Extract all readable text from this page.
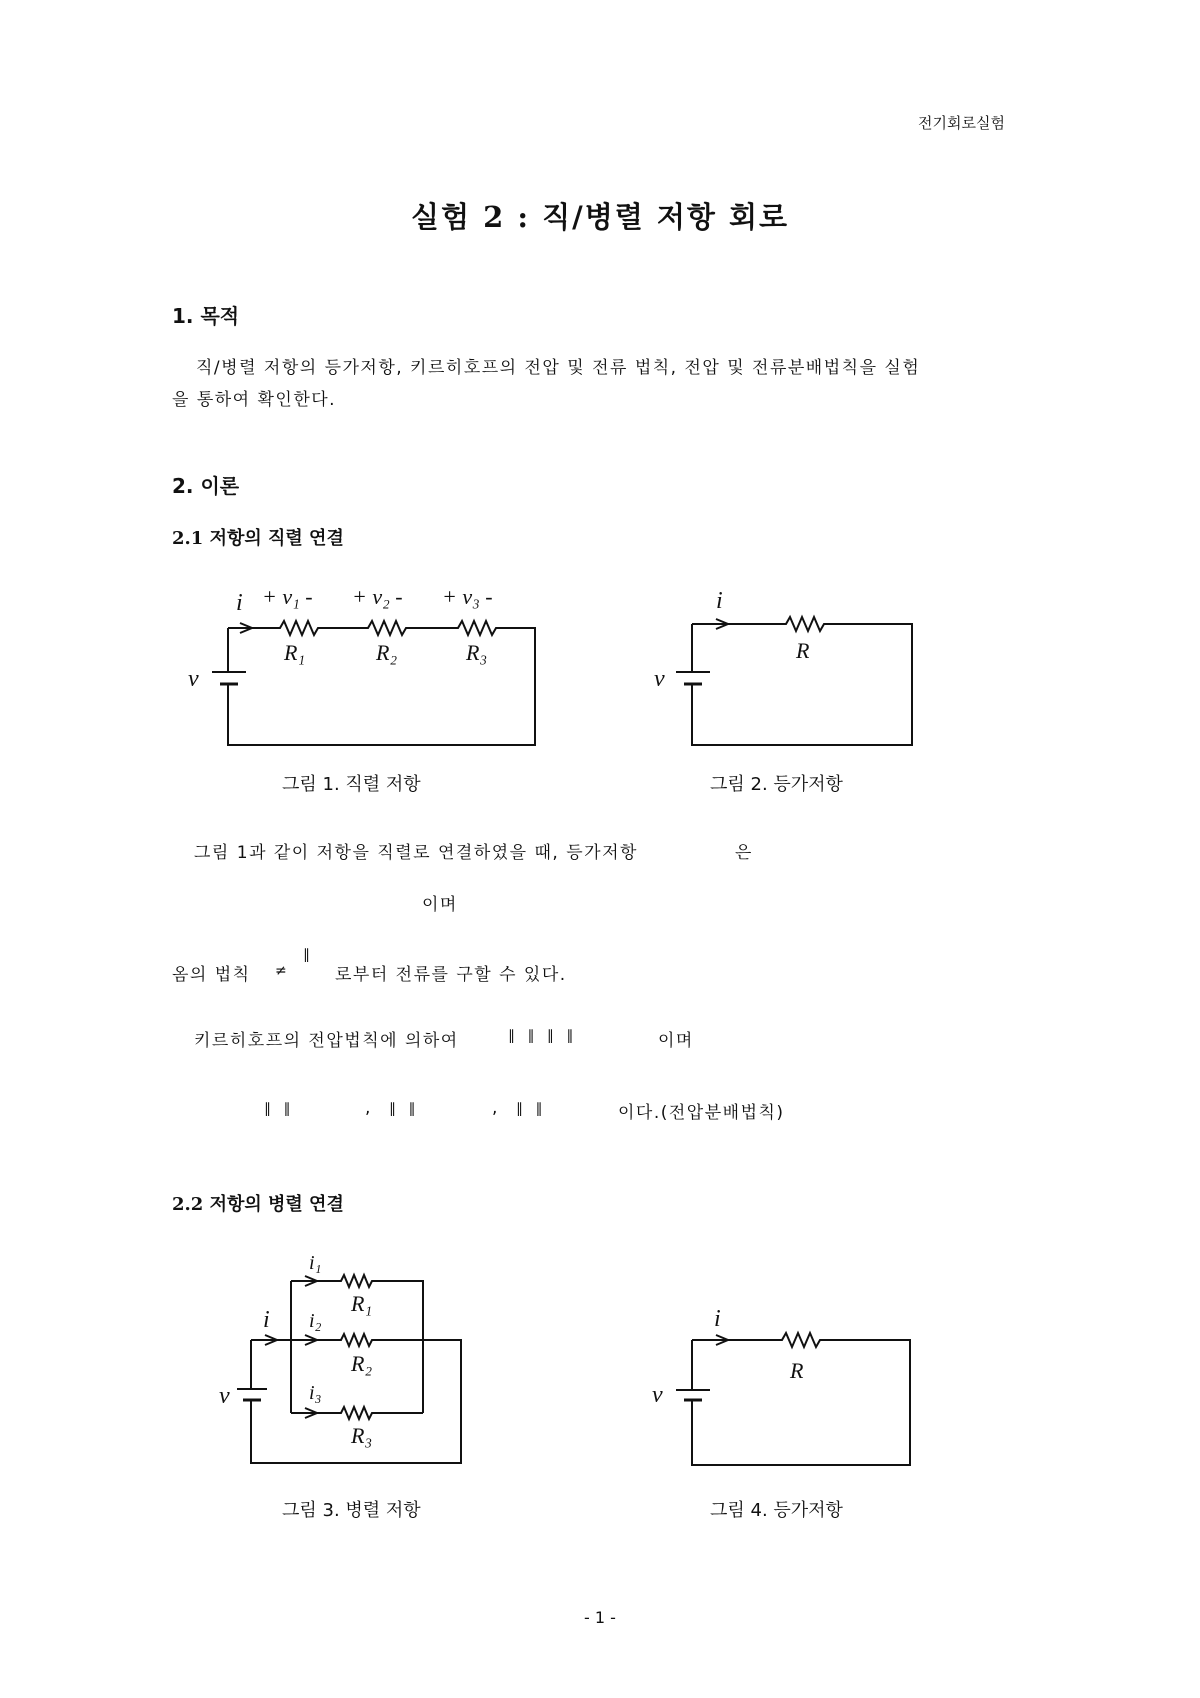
전기회로실험
실험 2 : 직/병렬 저항 회로
1. 목적
직/병렬 저항의 등가저항, 키르히호프의 전압 및 전류 법칙, 전압 및 전류분배법칙을 실험
을 통하여 확인한다.
2. 이론
2.1 저항의 직렬 연결
i + v₁ - + v₂ - + v₃ -
R₁	R₂	R₃
v
그림 1. 직렬 저항
i
R
v
그림 2. 등가저항
그림 1과 같이 저항을 직렬로 연결하였을 때, 등가저항	은
이며
옴의 법칙 ≠
∥
로부터 전류를 구할 수 있다.
키르히호프의 전압법칙에 의하여	∥ ∥ ∥ ∥	이며
∥ ∥	, ∥ ∥	, ∥ ∥	이다.(전압분배법칙)
2.2 저항의 병렬 연결
i
i₁
i₂
i₃
R₁
R₂
R₃
v
그림 3. 병렬 저항
i
R
v
그림 4. 등가저항
- 1 -
